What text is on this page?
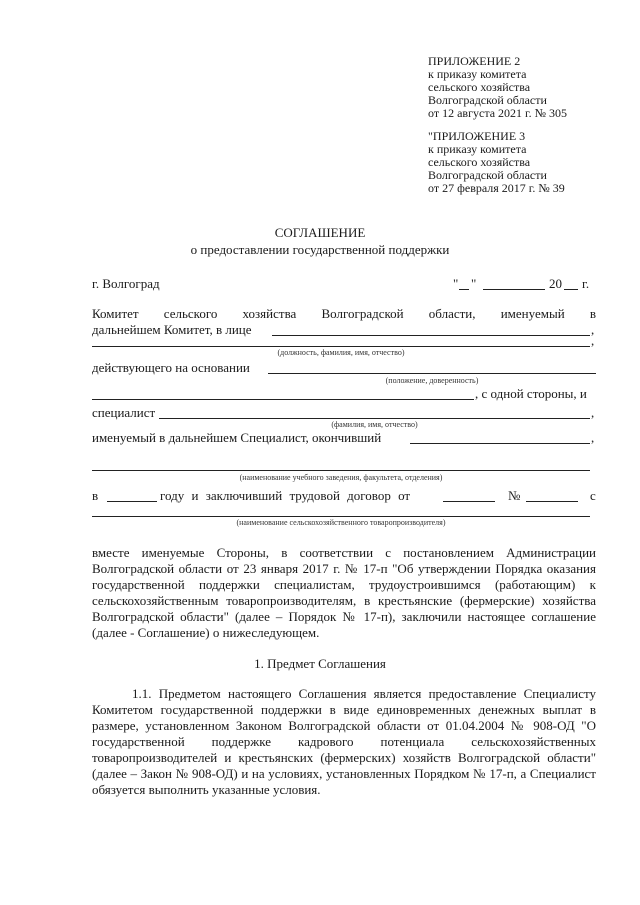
ПРИЛОЖЕНИЕ 2
к приказу комитета
сельского хозяйства
Волгоградской области
от 12 августа 2021 г. № 305
"ПРИЛОЖЕНИЕ 3
к приказу комитета
сельского хозяйства
Волгоградской области
от 27 февраля 2017 г. № 39
СОГЛАШЕНИЕ
о предоставлении государственной поддержки
г. Волгоград	" "	20 г.
Комитет сельского хозяйства Волгоградской области, именуемый в
дальнейшем Комитет, в лице	,
,
(должность, фамилия, имя, отчество)
действующего на основании
(положение, доверенность)
, с одной стороны, и
специалист	,
(фамилия, имя, отчество)
именуемый в дальнейшем Специалист, окончивший	,
(наименование учебного заведения, факультета, отделения)
в	году и заключивший трудовой договор от	№	с
(наименование сельскохозяйственного товаропроизводителя)
вместе именуемые Стороны, в соответствии с постановлением Администрации Волгоградской области от 23 января 2017 г. № 17-п "Об утверждении Порядка оказания государственной поддержки специалистам, трудоустроившимся (работающим) к сельскохозяйственным товаропроизводителям, в крестьянские (фермерские) хозяйства Волгоградской области" (далее – Порядок № 17-п), заключили настоящее соглашение (далее - Соглашение) о нижеследующем.
1. Предмет Соглашения
1.1. Предметом настоящего Соглашения является предоставление Специалисту Комитетом государственной поддержки в виде единовременных денежных выплат в размере, установленном Законом Волгоградской области от 01.04.2004 № 908-ОД "О государственной поддержке кадрового потенциала сельскохозяйственных товаропроизводителей и крестьянских (фермерских) хозяйств Волгоградской области" (далее – Закон № 908-ОД) и на условиях, установленных Порядком № 17-п, а Специалист обязуется выполнить указанные условия.
